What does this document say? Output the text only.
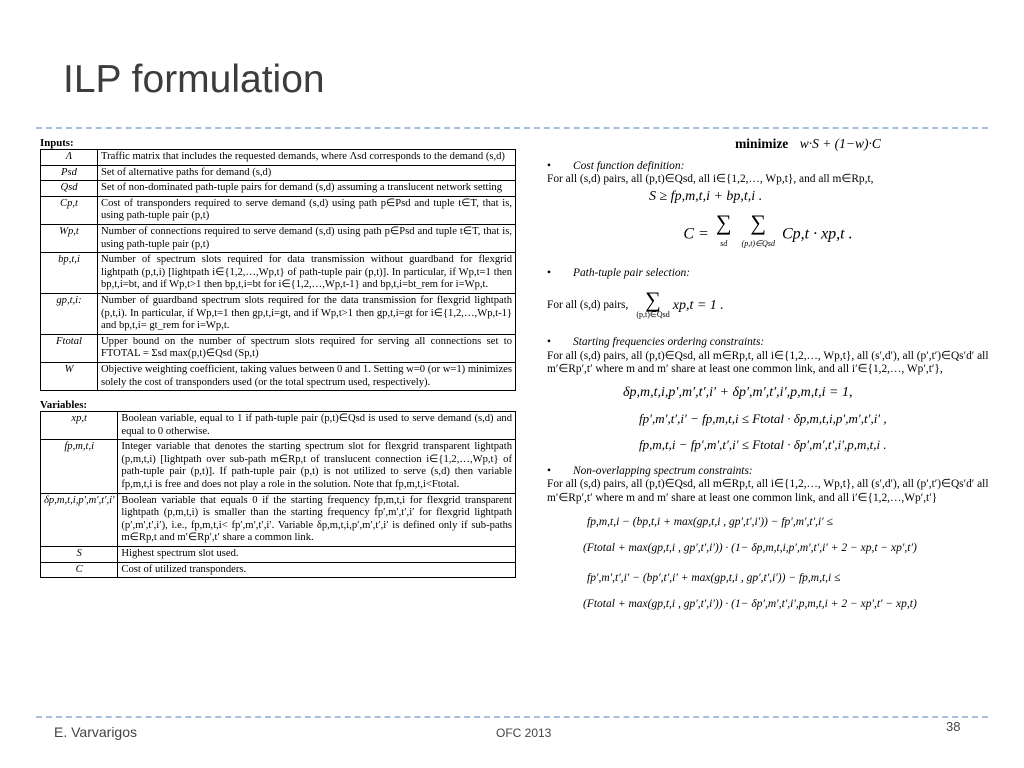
ILP formulation
Inputs:
Λ	Traffic matrix that includes the requested demands, where Λsd corresponds to the demand (s,d)
Psd	Set of alternative paths for demand (s,d)
Qsd	Set of non-dominated path-tuple pairs for demand (s,d) assuming a translucent network setting
Cp,t	Cost of transponders required to serve demand (s,d) using path p∈Psd and tuple t∈T, that is, using path-tuple pair (p,t)
Wp,t	Number of connections required to serve demand (s,d) using path p∈Psd and tuple t∈T, that is, using path-tuple pair (p,t)
bp,t,i	Number of spectrum slots required for data transmission without guardband for flexgrid lightpath (p,t,i) [lightpath i∈{1,2,…,Wp,t} of path-tuple pair (p,t)]. In particular, if Wp,t=1 then bp,t,i=bt, and if Wp,t>1 then bp,t,i=bt for i∈{1,2,…,Wp,t-1} and bp,t,i=bt_rem for i=Wp,t.
gp,t,i:	Number of guardband spectrum slots required for the data transmission for flexgrid lightpath (p,t,i). In particular, if Wp,t=1 then gp,t,i=gt, and if Wp,t>1 then gp,t,i=gt for i∈{1,2,…,Wp,t-1} and bp,t,i= gt_rem for i=Wp,t.
Ftotal	Upper bound on the number of spectrum slots required for serving all connections set to FTOTAL = Σsd max(p,t)∈Qsd (Sp,t)
W	Objective weighting coefficient, taking values between 0 and 1. Setting w=0 (or w=1) minimizes solely the cost of transponders used (or the total spectrum used, respectively).
Variables:
xp,t	Boolean variable, equal to 1 if path-tuple pair (p,t)∈Qsd is used to serve demand (s,d) and equal to 0 otherwise.
fp,m,t,i	Integer variable that denotes the starting spectrum slot for flexgrid transparent lightpath (p,m,t,i) [lightpath over sub-path m∈Rp,t of translucent connection i∈{1,2,…,Wp,t} of path-tuple pair (p,t)]. If path-tuple pair (p,t) is not utilized to serve (s,d) then variable fp,m,t,i is free and does not play a role in the solution. Note that fp,m,t,i<Ftotal.
δp,m,t,i,p′,m′,t′,i′	Boolean variable that equals 0 if the starting frequency fp,m,t,i for flexgrid transparent lightpath (p,m,t,i) is smaller than the starting frequency fp′,m′,t′,i′ for flexgrid lightpath (p′,m′,t′,i′), i.e., fp,m,t,i< fp′,m′,t′,i′. Variable δp,m,t,i,p′,m′,t′,i′ is defined only if sub-paths m∈Rp,t and m′∈Rp′,t′ share a common link.
S	Highest spectrum slot used.
C	Cost of utilized transponders.
minimize w·S + (1−w)·C
• Cost function definition:
For all (s,d) pairs, all (p,t)∈Qsd, all i∈{1,2,…, Wp,t}, and all m∈Rp,t,
S ≥ fp,m,t,i + bp,t,i .
C = ∑
sd

∑
(p,t)∈Qsd
Cp,t · xp,t .
• Path-tuple pair selection:
For all (s,d) pairs, ∑
(p,t)∈Qsd
xp,t = 1 .
• Starting frequencies ordering constraints:
For all (s,d) pairs, all (p,t)∈Qsd, all m∈Rp,t, all i∈{1,2,…, Wp,t}, all (s′,d′), all (p′,t′)∈Qs′d′ all m′∈Rp′,t′ where m and m′ share at least one common link, and all i′∈{1,2,…, Wp′,t′},
δp,m,t,i,p′,m′,t′,i′ + δp′,m′,t′,i′,p,m,t,i = 1,
fp′,m′,t′,i′ − fp,m,t,i ≤ Ftotal · δp,m,t,i,p′,m′,t′,i′ ,
fp,m,t,i − fp′,m′,t′,i′ ≤ Ftotal · δp′,m′,t′,i′,p,m,t,i .
• Non-overlapping spectrum constraints:
For all (s,d) pairs, all (p,t)∈Qsd, all m∈Rp,t, all i∈{1,2,…, Wp,t}, all (s′,d′), all (p′,t′)∈Qs′d′ all m′∈Rp′,t′ where m and m′ share at least one common link, and all i′∈{1,2,…,Wp′,t′}
fp,m,t,i − (bp,t,i + max(gp,t,i , gp′,t′,i′)) − fp′,m′,t′,i′ ≤
(Ftotal + max(gp,t,i , gp′,t′,i′)) · (1− δp,m,t,i,p′,m′,t′,i′ + 2 − xp,t − xp′,t′)
fp′,m′,t′,i′ − (bp′,t′,i′ + max(gp,t,i , gp′,t′,i′)) − fp,m,t,i ≤
(Ftotal + max(gp,t,i , gp′,t′,i′)) · (1− δp′,m′,t′,i′,p,m,t,i + 2 − xp′,t′ − xp,t)
E. Varvarigos	OFC 2013	38
